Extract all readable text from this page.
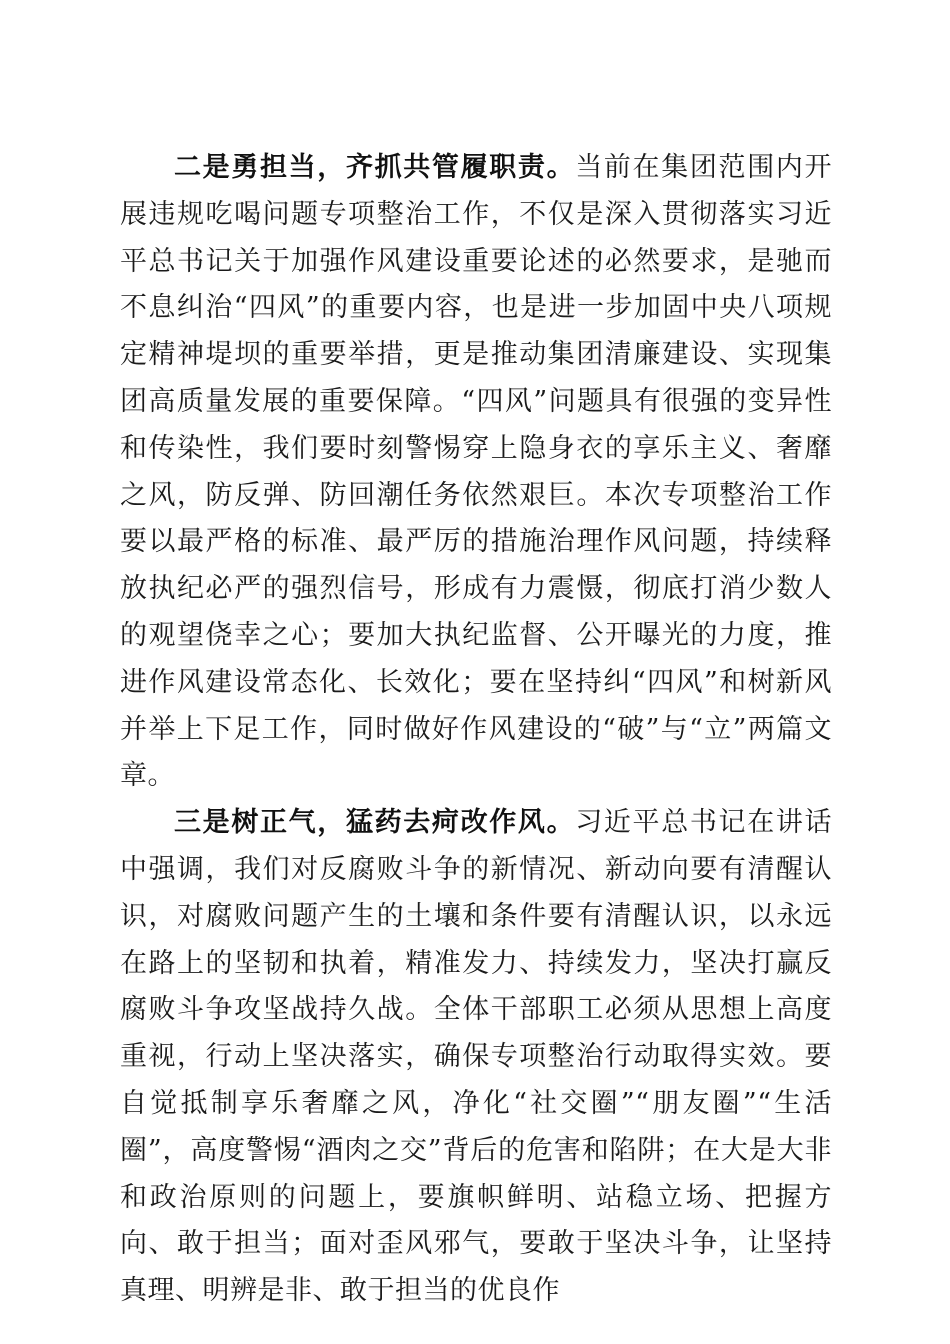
二是勇担当，齐抓共管履职责。当前在集团范围内开展违规吃喝问题专项整治工作，不仅是深入贯彻落实习近平总书记关于加强作风建设重要论述的必然要求，是驰而不息纠治“四风”的重要内容，也是进一步加固中央八项规定精神堤坝的重要举措，更是推动集团清廉建设、实现集团高质量发展的重要保障。“四风”问题具有很强的变异性和传染性，我们要时刻警惕穿上隐身衣的享乐主义、奢靡之风，防反弹、防回潮任务依然艰巨。本次专项整治工作要以最严格的标准、最严厉的措施治理作风问题，持续释放执纪必严的强烈信号，形成有力震慑，彻底打消少数人的观望侥幸之心；要加大执纪监督、公开曝光的力度，推进作风建设常态化、长效化；要在坚持纠“四风”和树新风并举上下足工作，同时做好作风建设的“破”与“立”两篇文章。

三是树正气，猛药去疴改作风。习近平总书记在讲话中强调，我们对反腐败斗争的新情况、新动向要有清醒认识，对腐败问题产生的土壤和条件要有清醒认识，以永远在路上的坚韧和执着，精准发力、持续发力，坚决打赢反腐败斗争攻坚战持久战。全体干部职工必须从思想上高度重视，行动上坚决落实，确保专项整治行动取得实效。要自觉抵制享乐奢靡之风，净化“社交圈”“朋友圈”“生活圈”，高度警惕“酒肉之交”背后的危害和陷阱；在大是大非和政治原则的问题上，要旗帜鲜明、站稳立场、把握方向、敢于担当；面对歪风邪气，要敢于坚决斗争，让坚持真理、明辨是非、敢于担当的优良作
